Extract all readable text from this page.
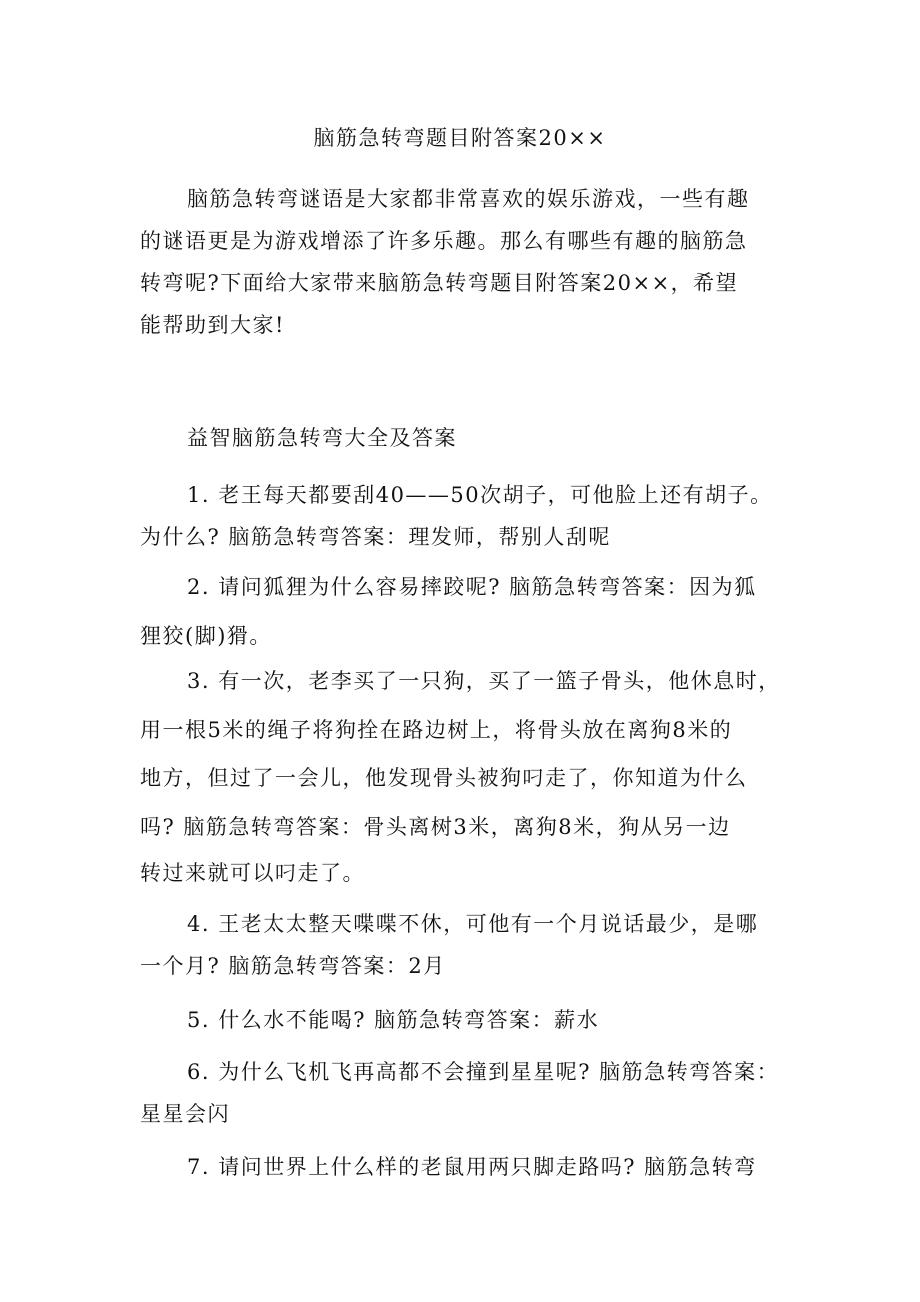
脑筋急转弯题目附答案20××
脑筋急转弯谜语是大家都非常喜欢的娱乐游戏，一些有趣
的谜语更是为游戏增添了许多乐趣。那么有哪些有趣的脑筋急
转弯呢?下面给大家带来脑筋急转弯题目附答案20××，希望
能帮助到大家!
益智脑筋急转弯大全及答案
1. 老王每天都要刮40——50次胡子，可他脸上还有胡子。
为什么? 脑筋急转弯答案：理发师，帮别人刮呢
2. 请问狐狸为什么容易摔跤呢? 脑筋急转弯答案：因为狐
狸狡(脚)猾。
3. 有一次，老李买了一只狗，买了一篮子骨头，他休息时，
用一根5米的绳子将狗拴在路边树上，将骨头放在离狗8米的
地方，但过了一会儿，他发现骨头被狗叼走了，你知道为什么
吗? 脑筋急转弯答案：骨头离树3米，离狗8米，狗从另一边
转过来就可以叼走了。
4. 王老太太整天喋喋不休，可他有一个月说话最少，是哪
一个月? 脑筋急转弯答案：2月
5. 什么水不能喝? 脑筋急转弯答案：薪水
6. 为什么飞机飞再高都不会撞到星星呢? 脑筋急转弯答案：
星星会闪
7. 请问世界上什么样的老鼠用两只脚走路吗? 脑筋急转弯
